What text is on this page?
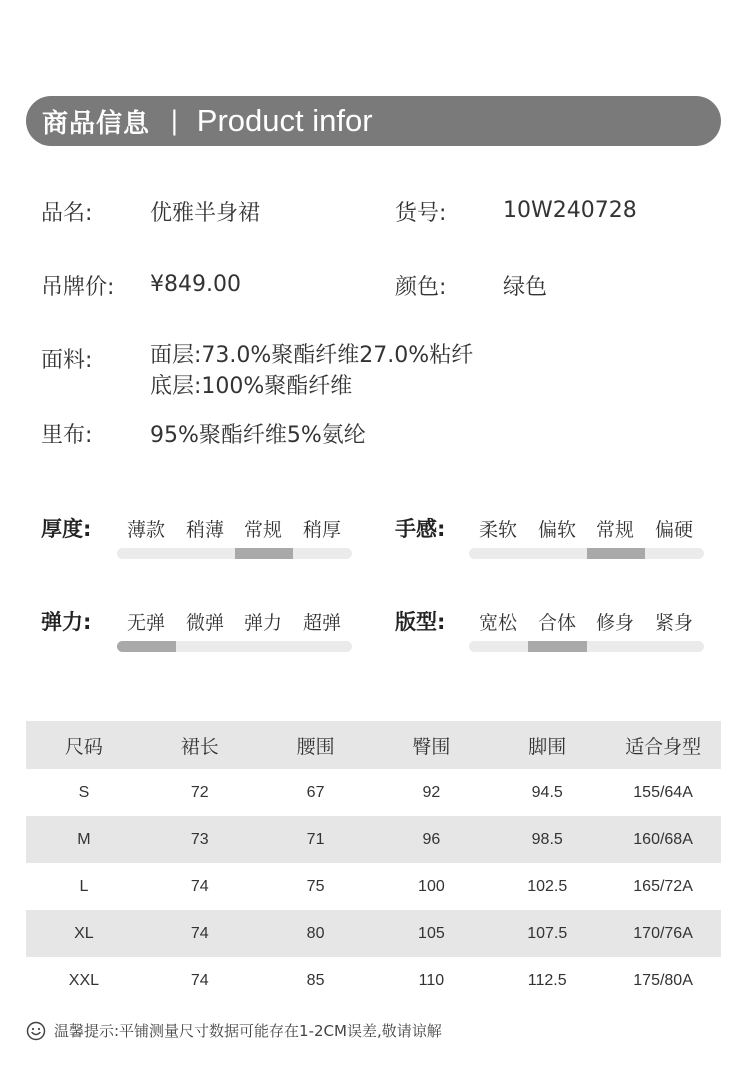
商品信息 | Product infor
品名:	优雅半身裙	货号:	10W240728
吊牌价: ¥849.00	颜色:	绿色
面料:	面层:73.0%聚酯纤维27.0%粘纤
底层:100%聚酯纤维
里布:	95%聚酯纤维5%氨纶
厚度:	薄款	稍薄	常规	稍厚	手感:	柔软	偏软	常规	偏硬
弹力:	无弹	微弹	弹力	超弹	版型:	宽松	合体	修身	紧身
尺码	裙长	腰围	臀围	脚围	适合身型
S	72	67	92	94.5	155/64A
M	73	71	96	98.5	160/68A
L	74	75	100	102.5	165/72A
XL	74	80	105	107.5	170/76A
XXL	74	85	110	112.5	175/80A
温馨提示:平铺测量尺寸数据可能存在1-2CM误差,敬请谅解
